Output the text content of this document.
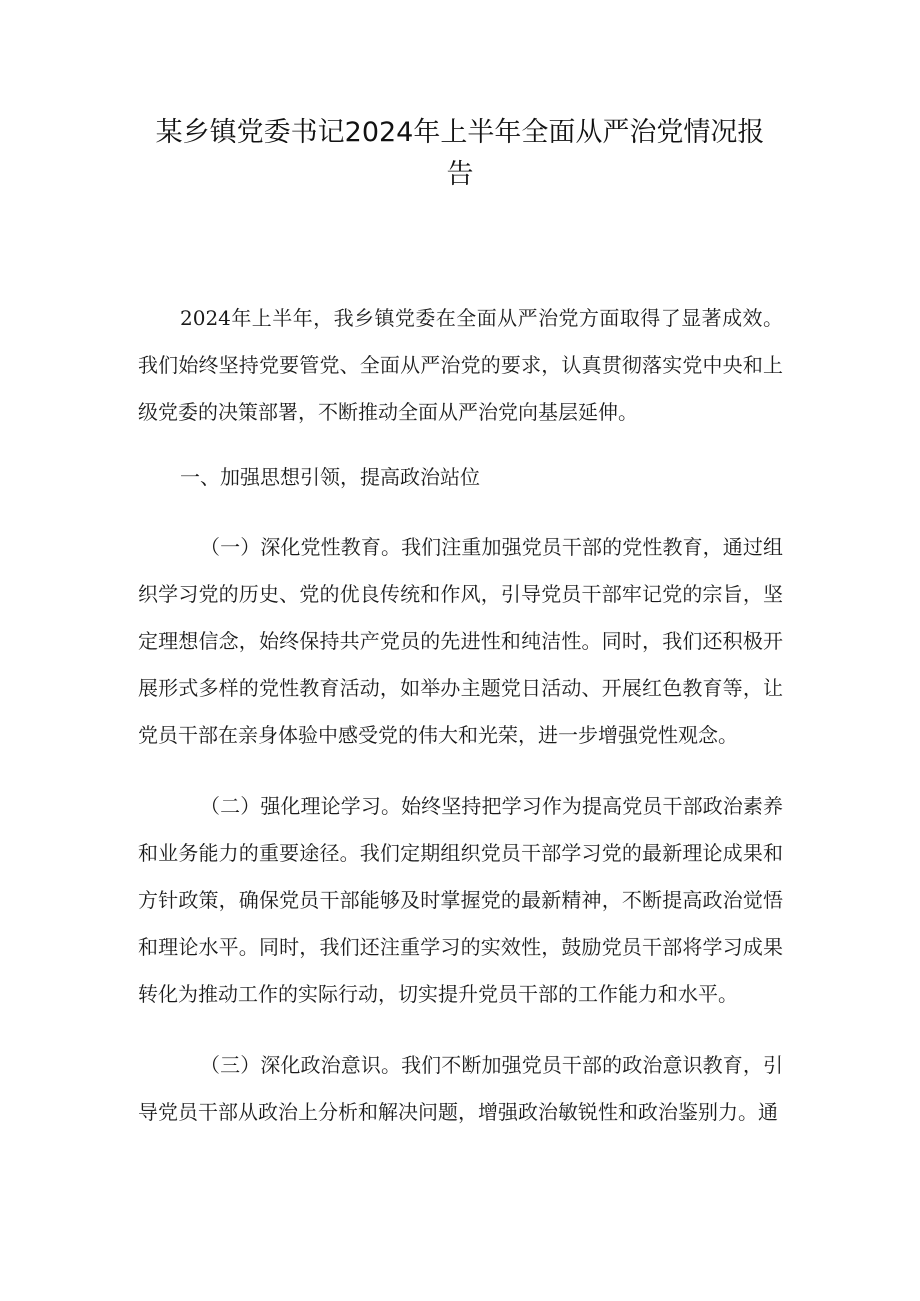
某乡镇党委书记2024年上半年全面从严治党情况报告

2024年上半年，我乡镇党委在全面从严治党方面取得了显著成效。我们始终坚持党要管党、全面从严治党的要求，认真贯彻落实党中央和上级党委的决策部署，不断推动全面从严治党向基层延伸。

一、加强思想引领，提高政治站位

（一）深化党性教育。我们注重加强党员干部的党性教育，通过组织学习党的历史、党的优良传统和作风，引导党员干部牢记党的宗旨，坚定理想信念，始终保持共产党员的先进性和纯洁性。同时，我们还积极开展形式多样的党性教育活动，如举办主题党日活动、开展红色教育等，让党员干部在亲身体验中感受党的伟大和光荣，进一步增强党性观念。

（二）强化理论学习。始终坚持把学习作为提高党员干部政治素养和业务能力的重要途径。我们定期组织党员干部学习党的最新理论成果和方针政策，确保党员干部能够及时掌握党的最新精神，不断提高政治觉悟和理论水平。同时，我们还注重学习的实效性，鼓励党员干部将学习成果转化为推动工作的实际行动，切实提升党员干部的工作能力和水平。

（三）深化政治意识。我们不断加强党员干部的政治意识教育，引导党员干部从政治上分析和解决问题，增强政治敏锐性和政治鉴别力。通
